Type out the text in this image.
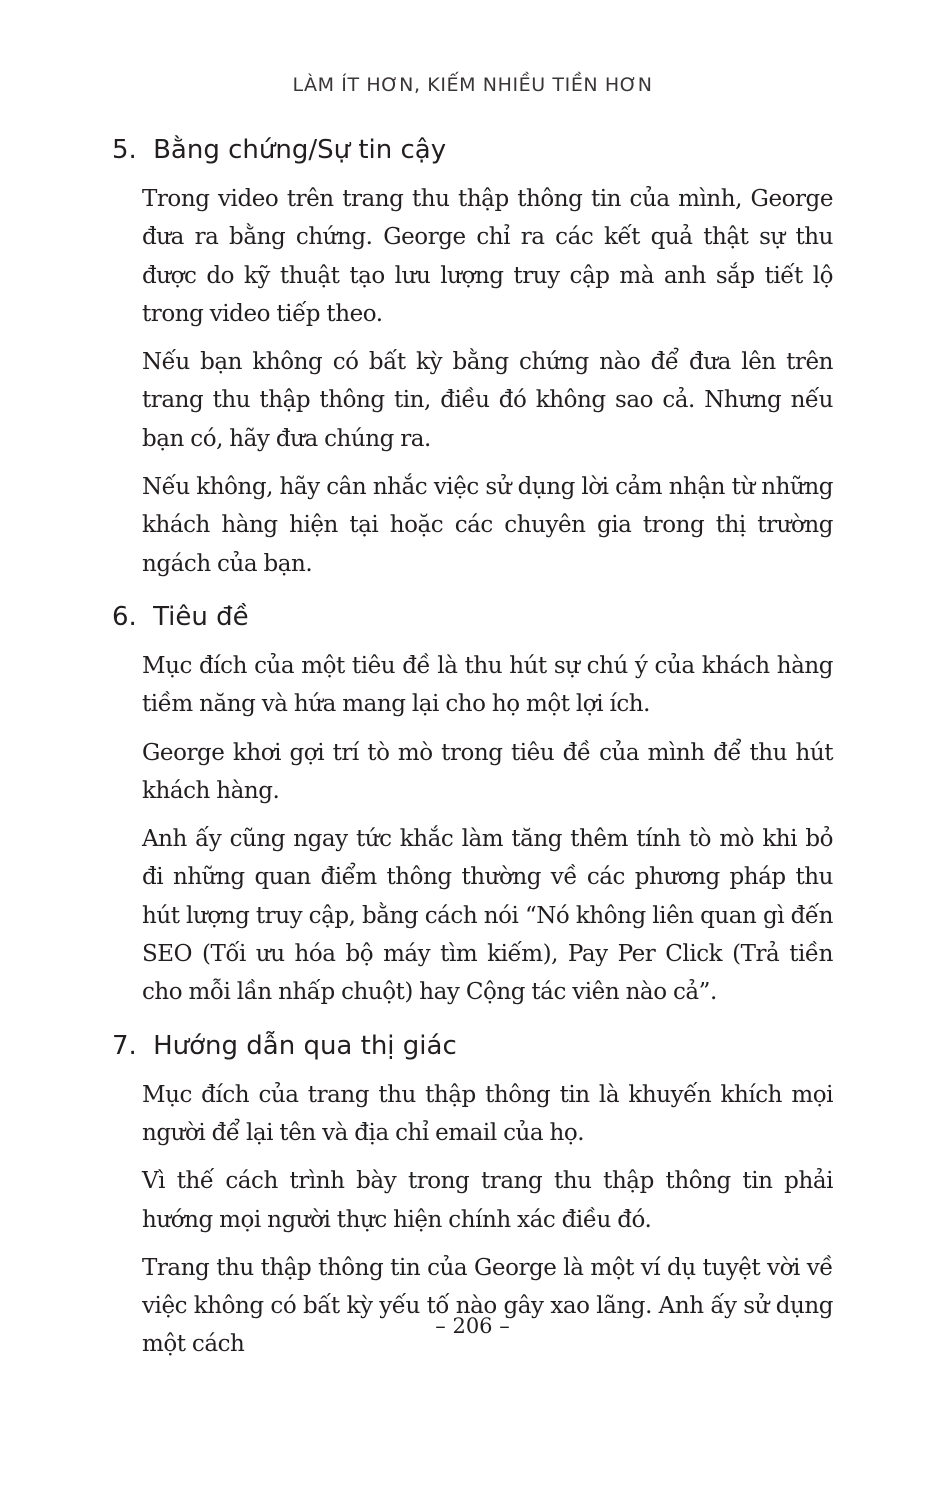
LÀM ÍT HƠN, KIẾM NHIỀU TIỀN HƠN
5. Bằng chứng/Sự tin cậy

Trong video trên trang thu thập thông tin của mình, George đưa ra bằng chứng. George chỉ ra các kết quả thật sự thu được do kỹ thuật tạo lưu lượng truy cập mà anh sắp tiết lộ trong video tiếp theo.

Nếu bạn không có bất kỳ bằng chứng nào để đưa lên trên trang thu thập thông tin, điều đó không sao cả. Nhưng nếu bạn có, hãy đưa chúng ra.

Nếu không, hãy cân nhắc việc sử dụng lời cảm nhận từ những khách hàng hiện tại hoặc các chuyên gia trong thị trường ngách của bạn.

6. Tiêu đề

Mục đích của một tiêu đề là thu hút sự chú ý của khách hàng tiềm năng và hứa mang lại cho họ một lợi ích.

George khơi gợi trí tò mò trong tiêu đề của mình để thu hút khách hàng.

Anh ấy cũng ngay tức khắc làm tăng thêm tính tò mò khi bỏ đi những quan điểm thông thường về các phương pháp thu hút lượng truy cập, bằng cách nói “Nó không liên quan gì đến SEO (Tối ưu hóa bộ máy tìm kiếm), Pay Per Click (Trả tiền cho mỗi lần nhấp chuột) hay Cộng tác viên nào cả”.

7. Hướng dẫn qua thị giác

Mục đích của trang thu thập thông tin là khuyến khích mọi người để lại tên và địa chỉ email của họ.

Vì thế cách trình bày trong trang thu thập thông tin phải hướng mọi người thực hiện chính xác điều đó.

Trang thu thập thông tin của George là một ví dụ tuyệt vời về việc không có bất kỳ yếu tố nào gây xao lãng. Anh ấy sử dụng một cách

– 206 –
